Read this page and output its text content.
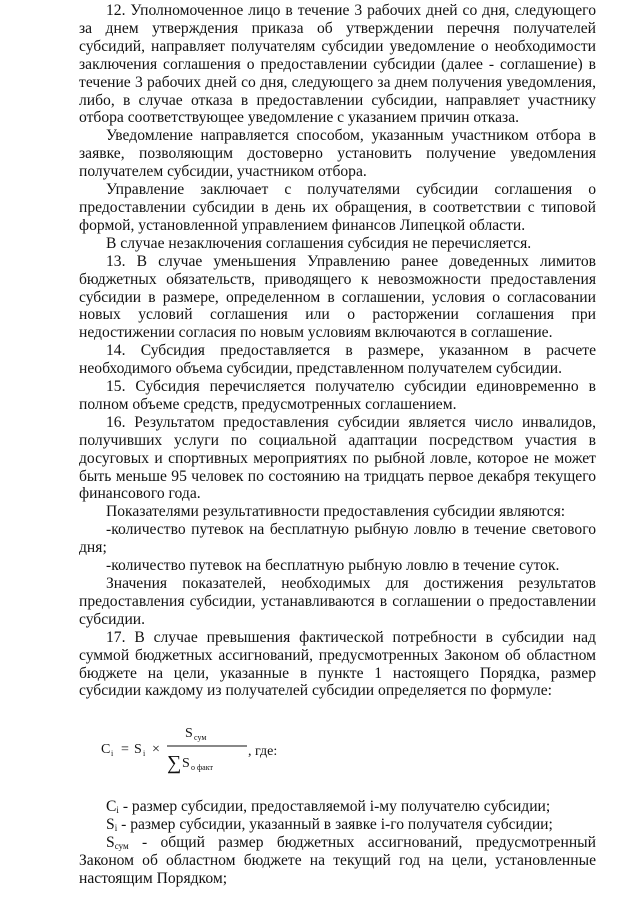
12. Уполномоченное лицо в течение 3 рабочих дней со дня, следующего за днем утверждения приказа об утверждении перечня получателей субсидий, направляет получателям субсидии уведомление о необходимости заключения соглашения о предоставлении субсидии (далее - соглашение) в течение 3 рабочих дней со дня, следующего за днем получения уведомления, либо, в случае отказа в предоставлении субсидии, направляет участнику отбора соответствующее уведомление с указанием причин отказа.

Уведомление направляется способом, указанным участником отбора в заявке, позволяющим достоверно установить получение уведомления получателем субсидии, участником отбора.

Управление заключает с получателями субсидии соглашения о предоставлении субсидии в день их обращения, в соответствии с типовой формой, установленной управлением финансов Липецкой области.

В случае незаключения соглашения субсидия не перечисляется.

13. В случае уменьшения Управлению ранее доведенных лимитов бюджетных обязательств, приводящего к невозможности предоставления субсидии в размере, определенном в соглашении, условия о согласовании новых условий соглашения или о расторжении соглашения при недостижении согласия по новым условиям включаются в соглашение.

14. Субсидия предоставляется в размере, указанном в расчете необходимого объема субсидии, представленном получателем субсидии.

15. Субсидия перечисляется получателю субсидии единовременно в полном объеме средств, предусмотренных соглашением.

16. Результатом предоставления субсидии является число инвалидов, получивших услуги по социальной адаптации посредством участия в досуговых и спортивных мероприятиях по рыбной ловле, которое не может быть меньше 95 человек по состоянию на тридцать первое декабря текущего финансового года.

Показателями результативности предоставления субсидии являются:

-количество путевок на бесплатную рыбную ловлю в течение светового дня;

-количество путевок на бесплатную рыбную ловлю в течение суток.

Значения показателей, необходимых для достижения результатов предоставления субсидии, устанавливаются в соглашении о предоставлении субсидии.

17. В случае превышения фактической потребности в субсидии над суммой бюджетных ассигнований, предусмотренных Законом об областном бюджете на цели, указанные в пункте 1 настоящего Порядка, размер субсидии каждому из получателей субсидии определяется по формуле:

C i = S i ×
S сум
∑ S o факт
, где:

$C_i$ - размер субсидии, предоставляемой i-му получателю субсидии;

$S_i$ - размер субсидии, указанный в заявке i-го получателя субсидии;

$S_{сум}$ - общий размер бюджетных ассигнований, предусмотренный Законом об областном бюджете на текущий год на цели, установленные настоящим Порядком;
